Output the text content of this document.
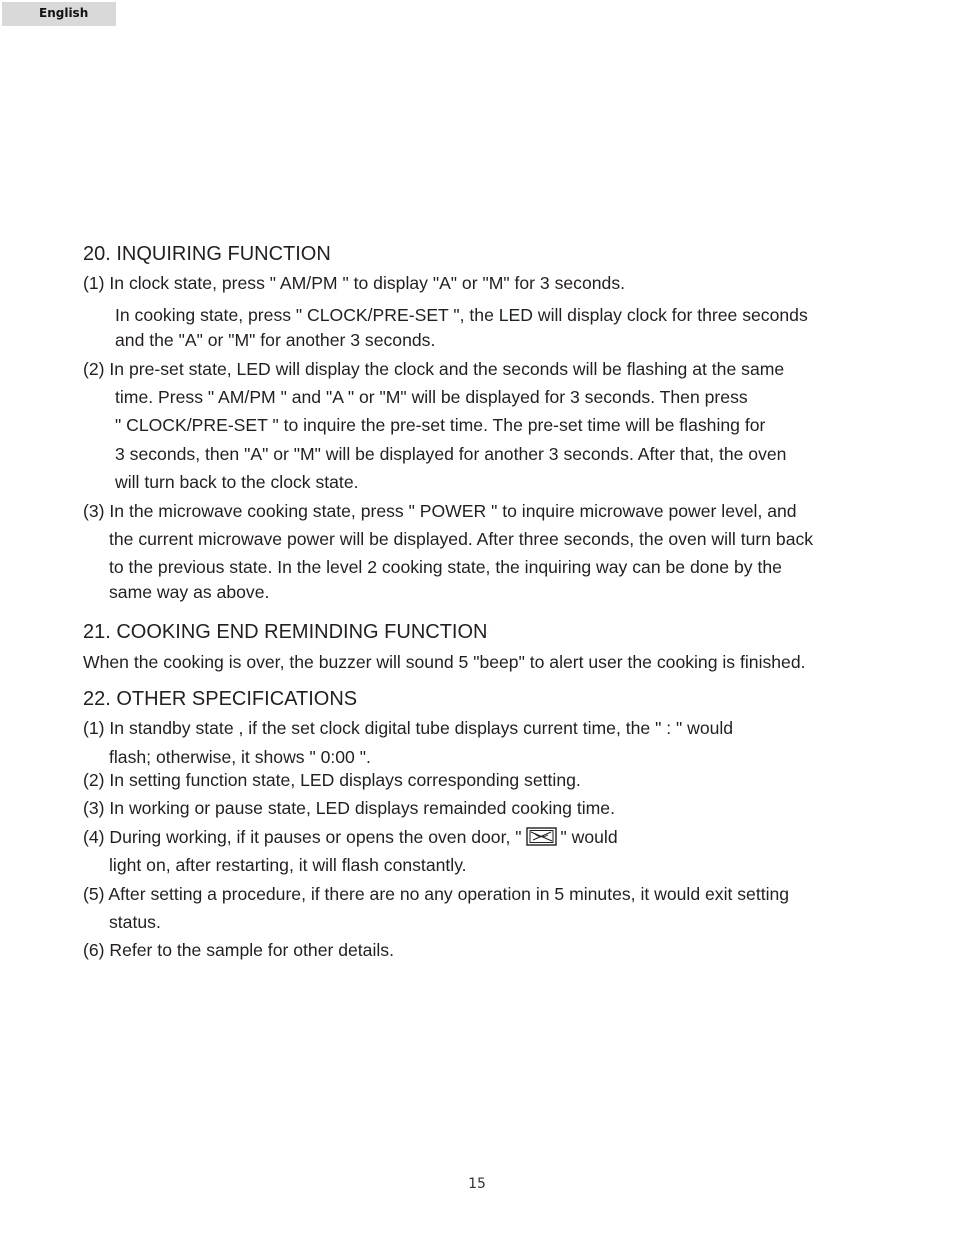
English
20. INQUIRING FUNCTION
(1) In clock state, press " AM/PM " to display "A" or "M" for 3 seconds.
In cooking state, press " CLOCK/PRE-SET ", the LED will display clock for three seconds
and the "A" or "M" for another 3 seconds.
(2) In pre-set state, LED will display the clock and the seconds will be flashing at the same
time. Press " AM/PM " and "A " or "M" will be displayed for 3 seconds. Then press
" CLOCK/PRE-SET " to inquire the pre-set time. The pre-set time will be flashing for
3 seconds, then "A" or "M" will be displayed for another 3 seconds. After that, the oven
will turn back to the clock state.
(3) In the microwave cooking state, press " POWER " to inquire microwave power level, and
the current microwave power will be displayed. After three seconds, the oven will turn back
to the previous state. In the level 2 cooking state, the inquiring way can be done by the
same way as above.
21. COOKING END REMINDING FUNCTION
When the cooking is over, the buzzer will sound 5 "beep" to alert user the cooking is finished.
22. OTHER SPECIFICATIONS
(1) In standby state , if the set clock digital tube displays current time, the " : " would
flash; otherwise, it shows " 0:00 ".
(2) In setting function state, LED displays corresponding setting.
(3) In working or pause state, LED displays remainded cooking time.
(4) During working, if it pauses or opens the oven door, " " would
light on, after restarting, it will flash constantly.
(5) After setting a procedure, if there are no any operation in 5 minutes, it would exit setting
status.
(6) Refer to the sample for other details.
15
